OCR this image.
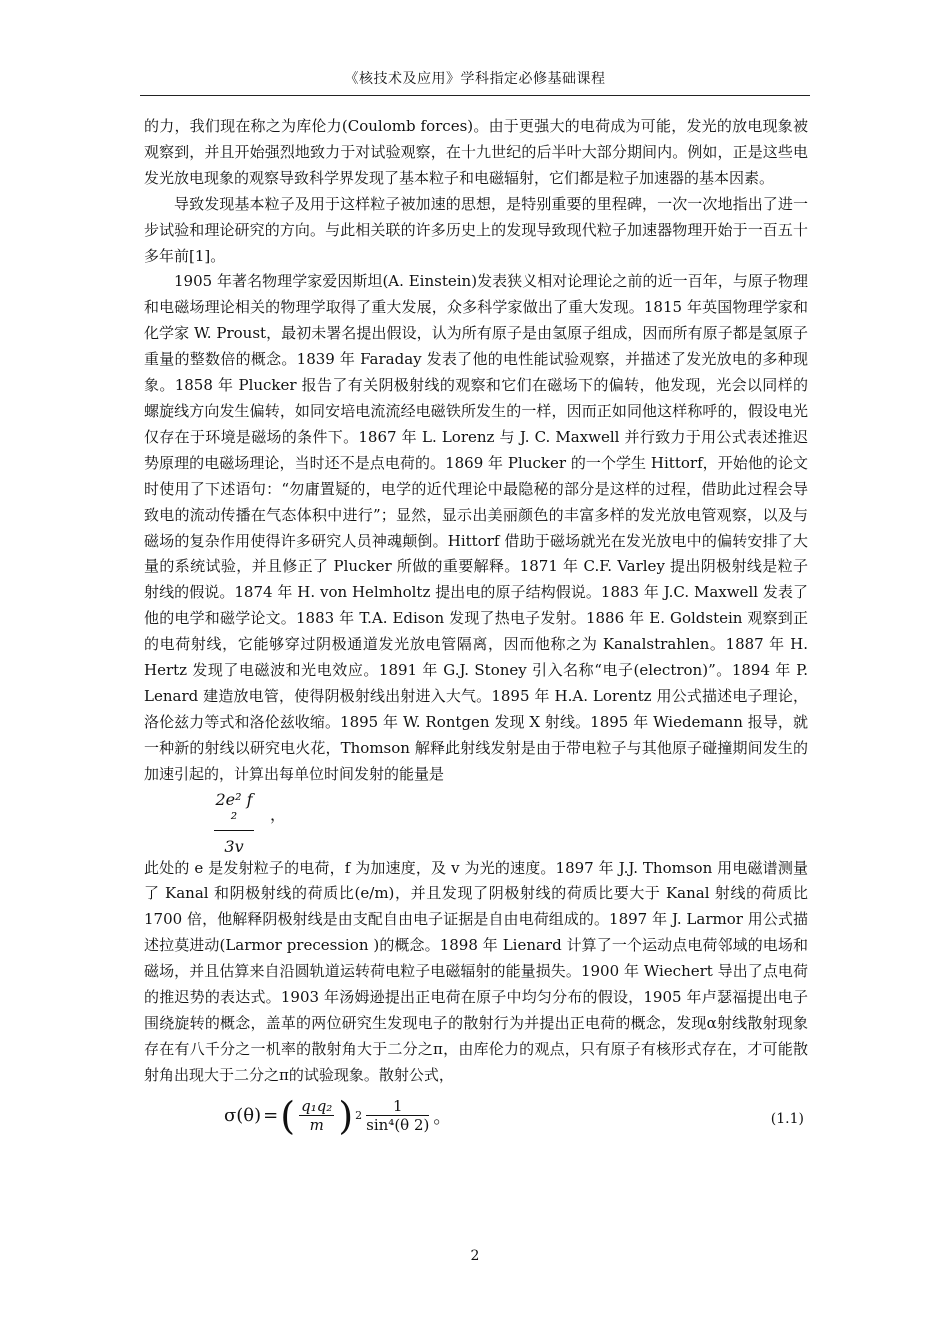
《核技术及应用》学科指定必修基础课程

的力，我们现在称之为库伦力(Coulomb forces)。由于更强大的电荷成为可能，发光的放电现象被观察到，并且开始强烈地致力于对试验观察，在十九世纪的后半叶大部分期间内。例如，正是这些电发光放电现象的观察导致科学界发现了基本粒子和电磁辐射，它们都是粒子加速器的基本因素。

导致发现基本粒子及用于这样粒子被加速的思想，是特别重要的里程碑，一次一次地指出了进一步试验和理论研究的方向。与此相关联的许多历史上的发现导致现代粒子加速器物理开始于一百五十多年前[1]。

1905 年著名物理学家爱因斯坦(A. Einstein)发表狭义相对论理论之前的近一百年，与原子物理和电磁场理论相关的物理学取得了重大发展，众多科学家做出了重大发现。1815 年英国物理学家和化学家 W. Proust，最初未署名提出假设，认为所有原子是由氢原子组成，因而所有原子都是氢原子重量的整数倍的概念。1839 年 Faraday 发表了他的电性能试验观察，并描述了发光放电的多种现象。1858 年 Plucker 报告了有关阴极射线的观察和它们在磁场下的偏转，他发现，光会以同样的螺旋线方向发生偏转，如同安培电流流经电磁铁所发生的一样，因而正如同他这样称呼的，假设电光仅存在于环境是磁场的条件下。1867 年 L. Lorenz 与 J. C. Maxwell 并行致力于用公式表述推迟势原理的电磁场理论，当时还不是点电荷的。1869 年 Plucker 的一个学生 Hittorf，开始他的论文时使用了下述语句：“勿庸置疑的，电学的近代理论中最隐秘的部分是这样的过程，借助此过程会导致电的流动传播在气态体积中进行”；显然，显示出美丽颜色的丰富多样的发光放电管观察，以及与磁场的复杂作用使得许多研究人员神魂颠倒。Hittorf 借助于磁场就光在发光放电中的偏转安排了大量的系统试验，并且修正了 Plucker 所做的重要解释。1871 年 C.F. Varley 提出阴极射线是粒子射线的假说。1874 年 H. von Helmholtz 提出电的原子结构假说。1883 年 J.C. Maxwell 发表了他的电学和磁学论文。1883 年 T.A. Edison 发现了热电子发射。1886 年 E. Goldstein 观察到正的电荷射线，它能够穿过阴极通道发光放电管隔离，因而他称之为 Kanalstrahlen。1887 年 H. Hertz 发现了电磁波和光电效应。1891 年 G.J. Stoney 引入名称“电子(electron)”。1894 年 P. Lenard 建造放电管，使得阴极射线出射进入大气。1895 年 H.A. Lorentz 用公式描述电子理论，洛伦兹力等式和洛伦兹收缩。1895 年 W. Rontgen 发现 X 射线。1895 年 Wiedemann 报导，就一种新的射线以研究电火花，Thomson 解释此射线发射是由于带电粒子与其他原子碰撞期间发生的加速引起的，计算出每单位时间发射的能量是

$\frac{\text{2e² f ²}}{3v}$ ，

此处的 e 是发射粒子的电荷，f 为加速度，及 v 为光的速度。1897 年 J.J. Thomson 用电磁谱测量了 Kanal 和阴极射线的荷质比(e/m)，并且发现了阴极射线的荷质比要大于 Kanal 射线的荷质比 1700 倍，他解释阴极射线是由支配自由电子证据是自由电荷组成的。1897 年 J. Larmor 用公式描述拉莫进动(Larmor precession )的概念。1898 年 Lienard 计算了一个运动点电荷邻域的电场和磁场，并且估算来自沿圆轨道运转荷电粒子电磁辐射的能量损失。1900 年 Wiechert 导出了点电荷的推迟势的表达式。1903 年汤姆逊提出正电荷在原子中均匀分布的假设，1905 年卢瑟福提出电子围绕旋转的概念，盖革的两位研究生发现电子的散射行为并提出正电荷的概念，发现α射线散射现象存在有八千分之一机率的散射角大于二分之π，由库伦力的观点，只有原子有核形式存在，才可能散射角出现大于二分之π的试验现象。散射公式，

σ(θ) = ( $\frac{\text{q₁q₂}}{m}$ ) $2 \frac{1}{\text{sin⁴(θ 2)}}$ 。	(1.1)
2
